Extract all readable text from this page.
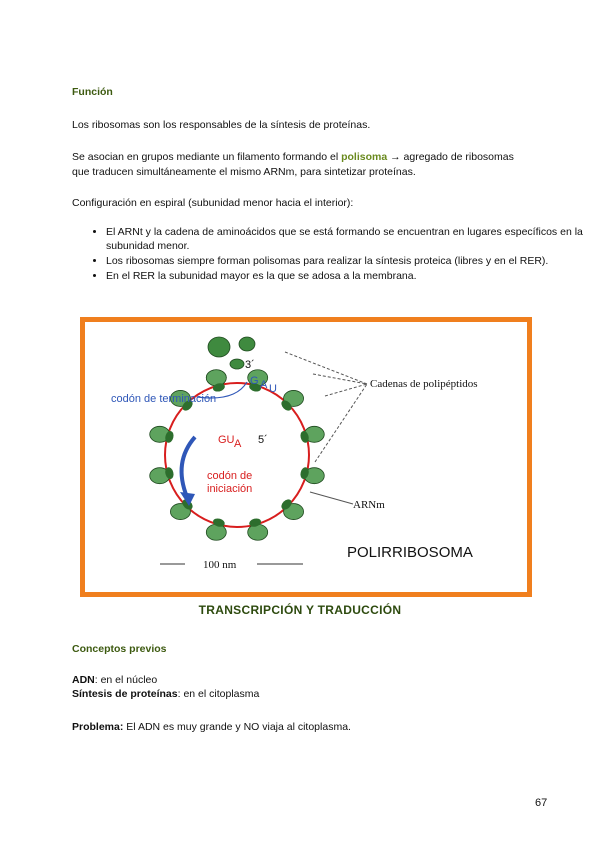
Función
Los ribosomas son los responsables de la síntesis de proteínas.
Se asocian en grupos mediante un filamento formando el polisoma → agregado de ribosomas
que traducen simultáneamente el mismo ARNm, para sintetizar proteínas.
Configuración en espiral (subunidad menor hacia el interior):
• El ARNt y la cadena de aminoácidos que se está formando se encuentran en lugares específicos en la subunidad menor.
• Los ribosomas siempre forman polisomas para realizar la síntesis proteica (libres y en el RER).
• En el RER la subunidad mayor es la que se adosa a la membrana.
3´
codón de terminación
G A U
GU A 5´
codón de
iniciación
Cadenas de polipéptidos
ARNm
100 nm
POLIRRIBOSOMA
TRANSCRIPCIÓN Y TRADUCCIÓN
Conceptos previos
ADN: en el núcleo
Síntesis de proteínas: en el citoplasma
Problema: El ADN es muy grande y NO viaja al citoplasma.
67
